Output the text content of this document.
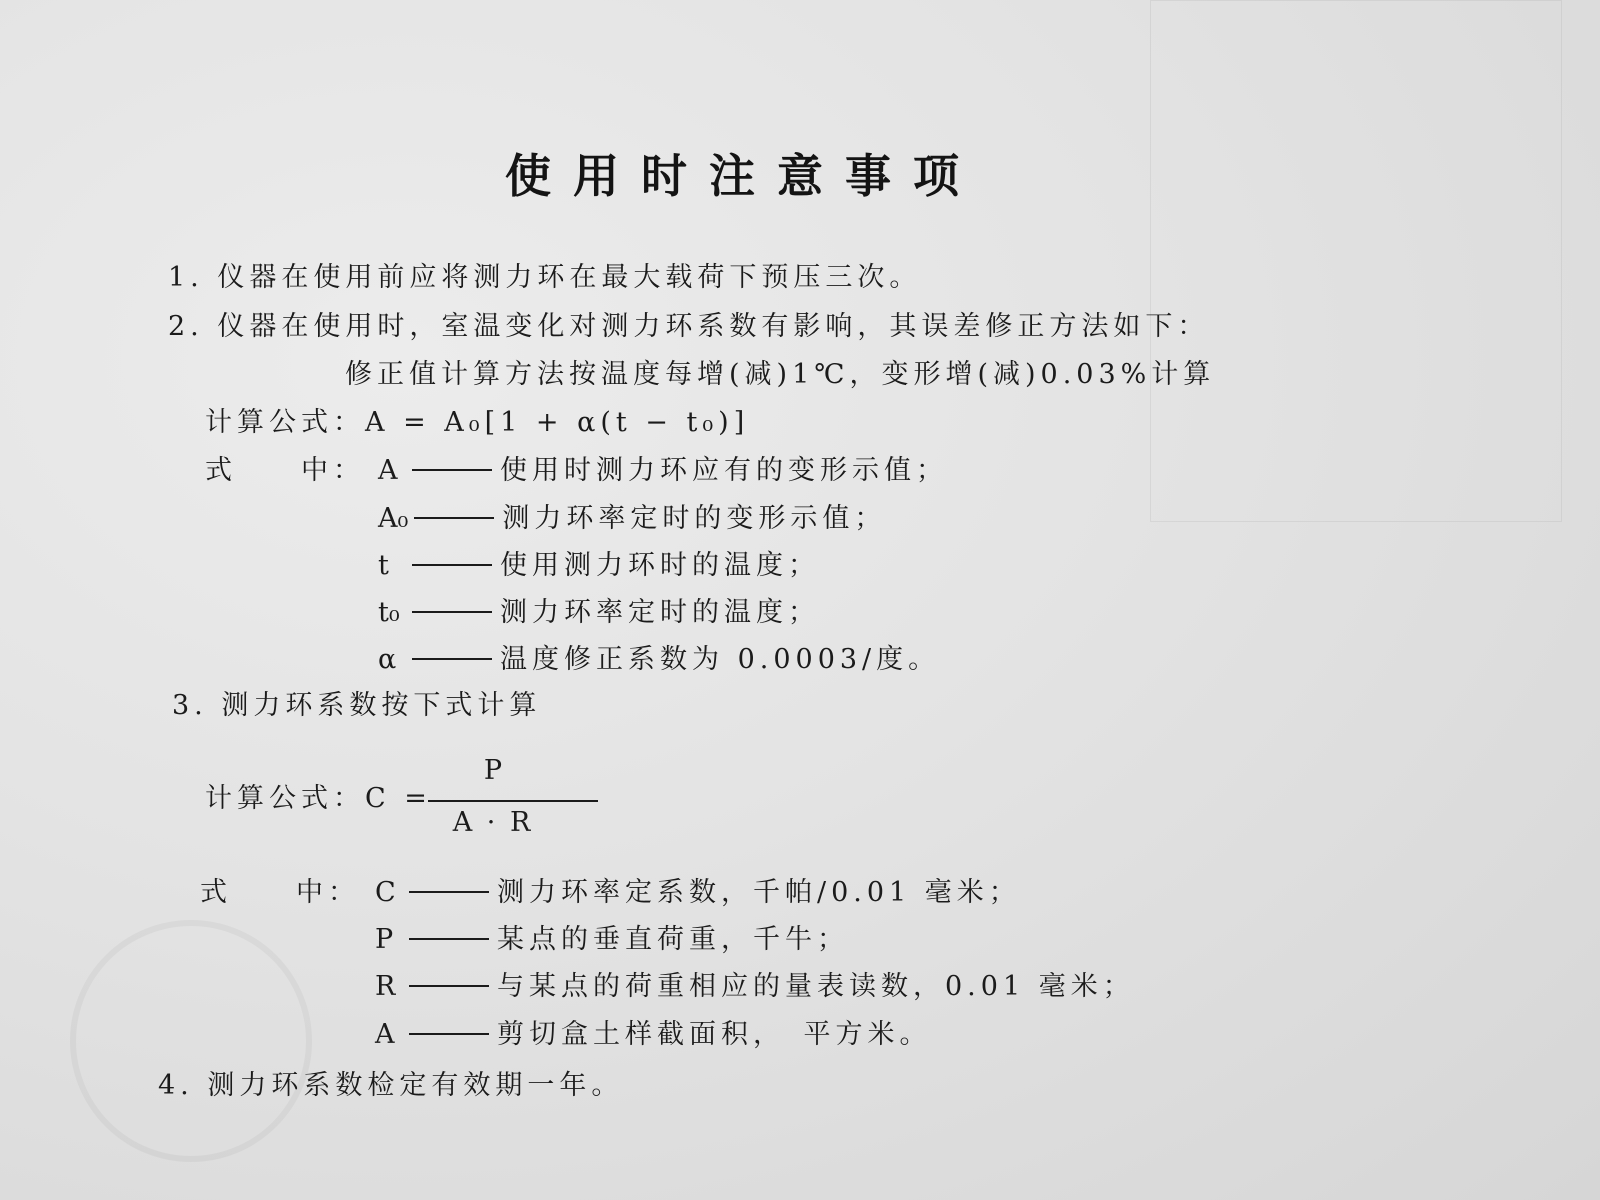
使用时注意事项
1. 仪器在使用前应将测力环在最大载荷下预压三次。
2. 仪器在使用时，室温变化对测力环系数有影响，其误差修正方法如下：
修正值计算方法按温度每增(减)1℃，变形增(减)0.03%计算
计算公式：A = A₀[1 + α(t − t₀)]
式　　中： A	使用时测力环应有的变形示值；
A₀	测力环率定时的变形示值；
t	使用测力环时的温度；
t₀	测力环率定时的温度；
α	温度修正系数为 0.0003/度。
3. 测力环系数按下式计算
计算公式：C =
P
A · R
式　　中： C	测力环率定系数，千帕/0.01 毫米；
P	某点的垂直荷重，千牛；
R	与某点的荷重相应的量表读数，0.01 毫米；
A	剪切盒土样截面积，　平方米。
4. 测力环系数检定有效期一年。
